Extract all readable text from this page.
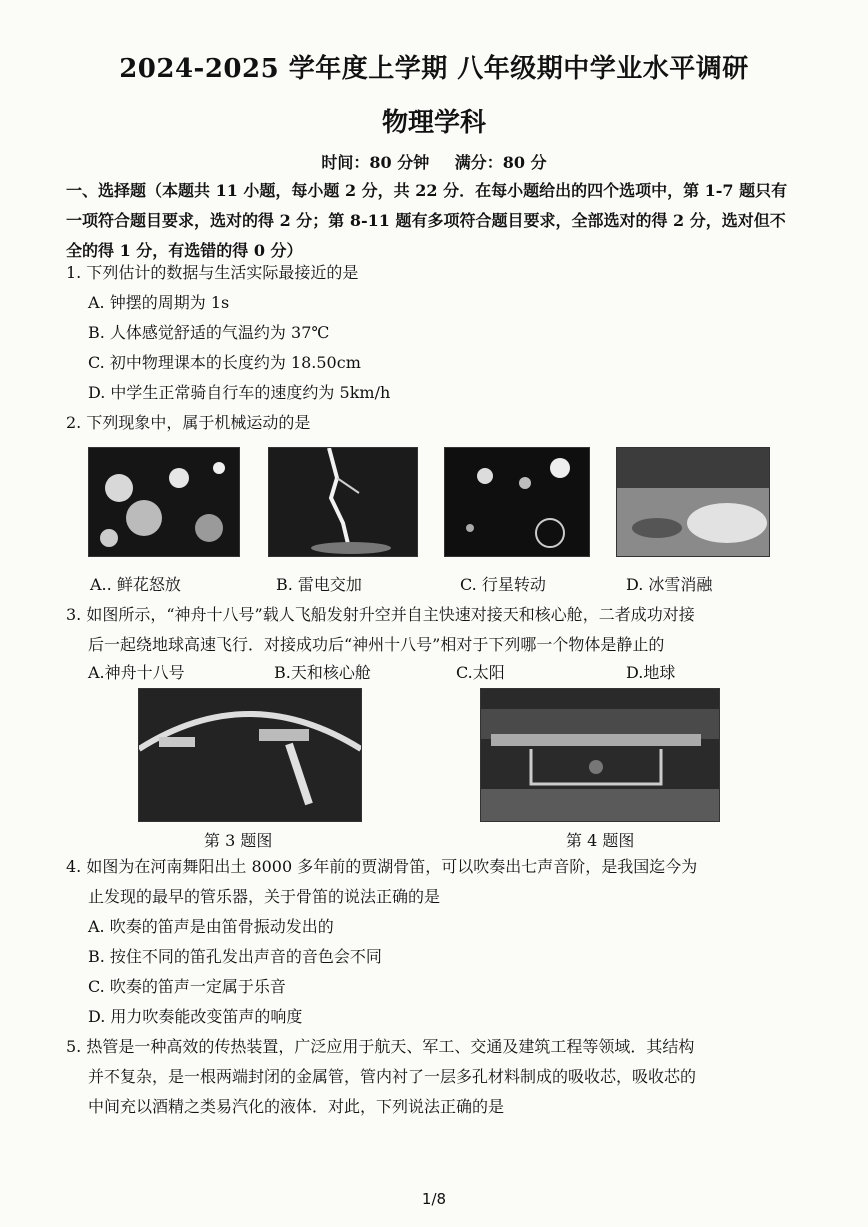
2024-2025 学年度上学期 八年级期中学业水平调研
物理学科
时间：80 分钟 满分：80 分
一、选择题（本题共 11 小题，每小题 2 分，共 22 分．在每小题给出的四个选项中，第 1-7 题只有一项符合题目要求，选对的得 2 分；第 8-11 题有多项符合题目要求，全部选对的得 2 分，选对但不全的得 1 分，有选错的得 0 分）
1. 下列估计的数据与生活实际最接近的是
A. 钟摆的周期为 1s
B. 人体感觉舒适的气温约为 37℃
C. 初中物理课本的长度约为 18.50cm
D. 中学生正常骑自行车的速度约为 5km/h
2. 下列现象中，属于机械运动的是
A.. 鲜花怒放	B. 雷电交加	C. 行星转动	D. 冰雪消融
3. 如图所示，“神舟十八号”载人飞船发射升空并自主快速对接天和核心舱，二者成功对接
后一起绕地球高速飞行．对接成功后“神州十八号”相对于下列哪一个物体是静止的
A.神舟十八号	B.天和核心舱	C.太阳	D.地球
第 3 题图	第 4 题图
4. 如图为在河南舞阳出土 8000 多年前的贾湖骨笛，可以吹奏出七声音阶，是我国迄今为
止发现的最早的管乐器，关于骨笛的说法正确的是
A. 吹奏的笛声是由笛骨振动发出的
B. 按住不同的笛孔发出声音的音色会不同
C. 吹奏的笛声一定属于乐音
D. 用力吹奏能改变笛声的响度
5. 热管是一种高效的传热装置，广泛应用于航天、军工、交通及建筑工程等领域．其结构
并不复杂，是一根两端封闭的金属管，管内衬了一层多孔材料制成的吸收芯，吸收芯的
中间充以酒精之类易汽化的液体．对此，下列说法正确的是
1/8
